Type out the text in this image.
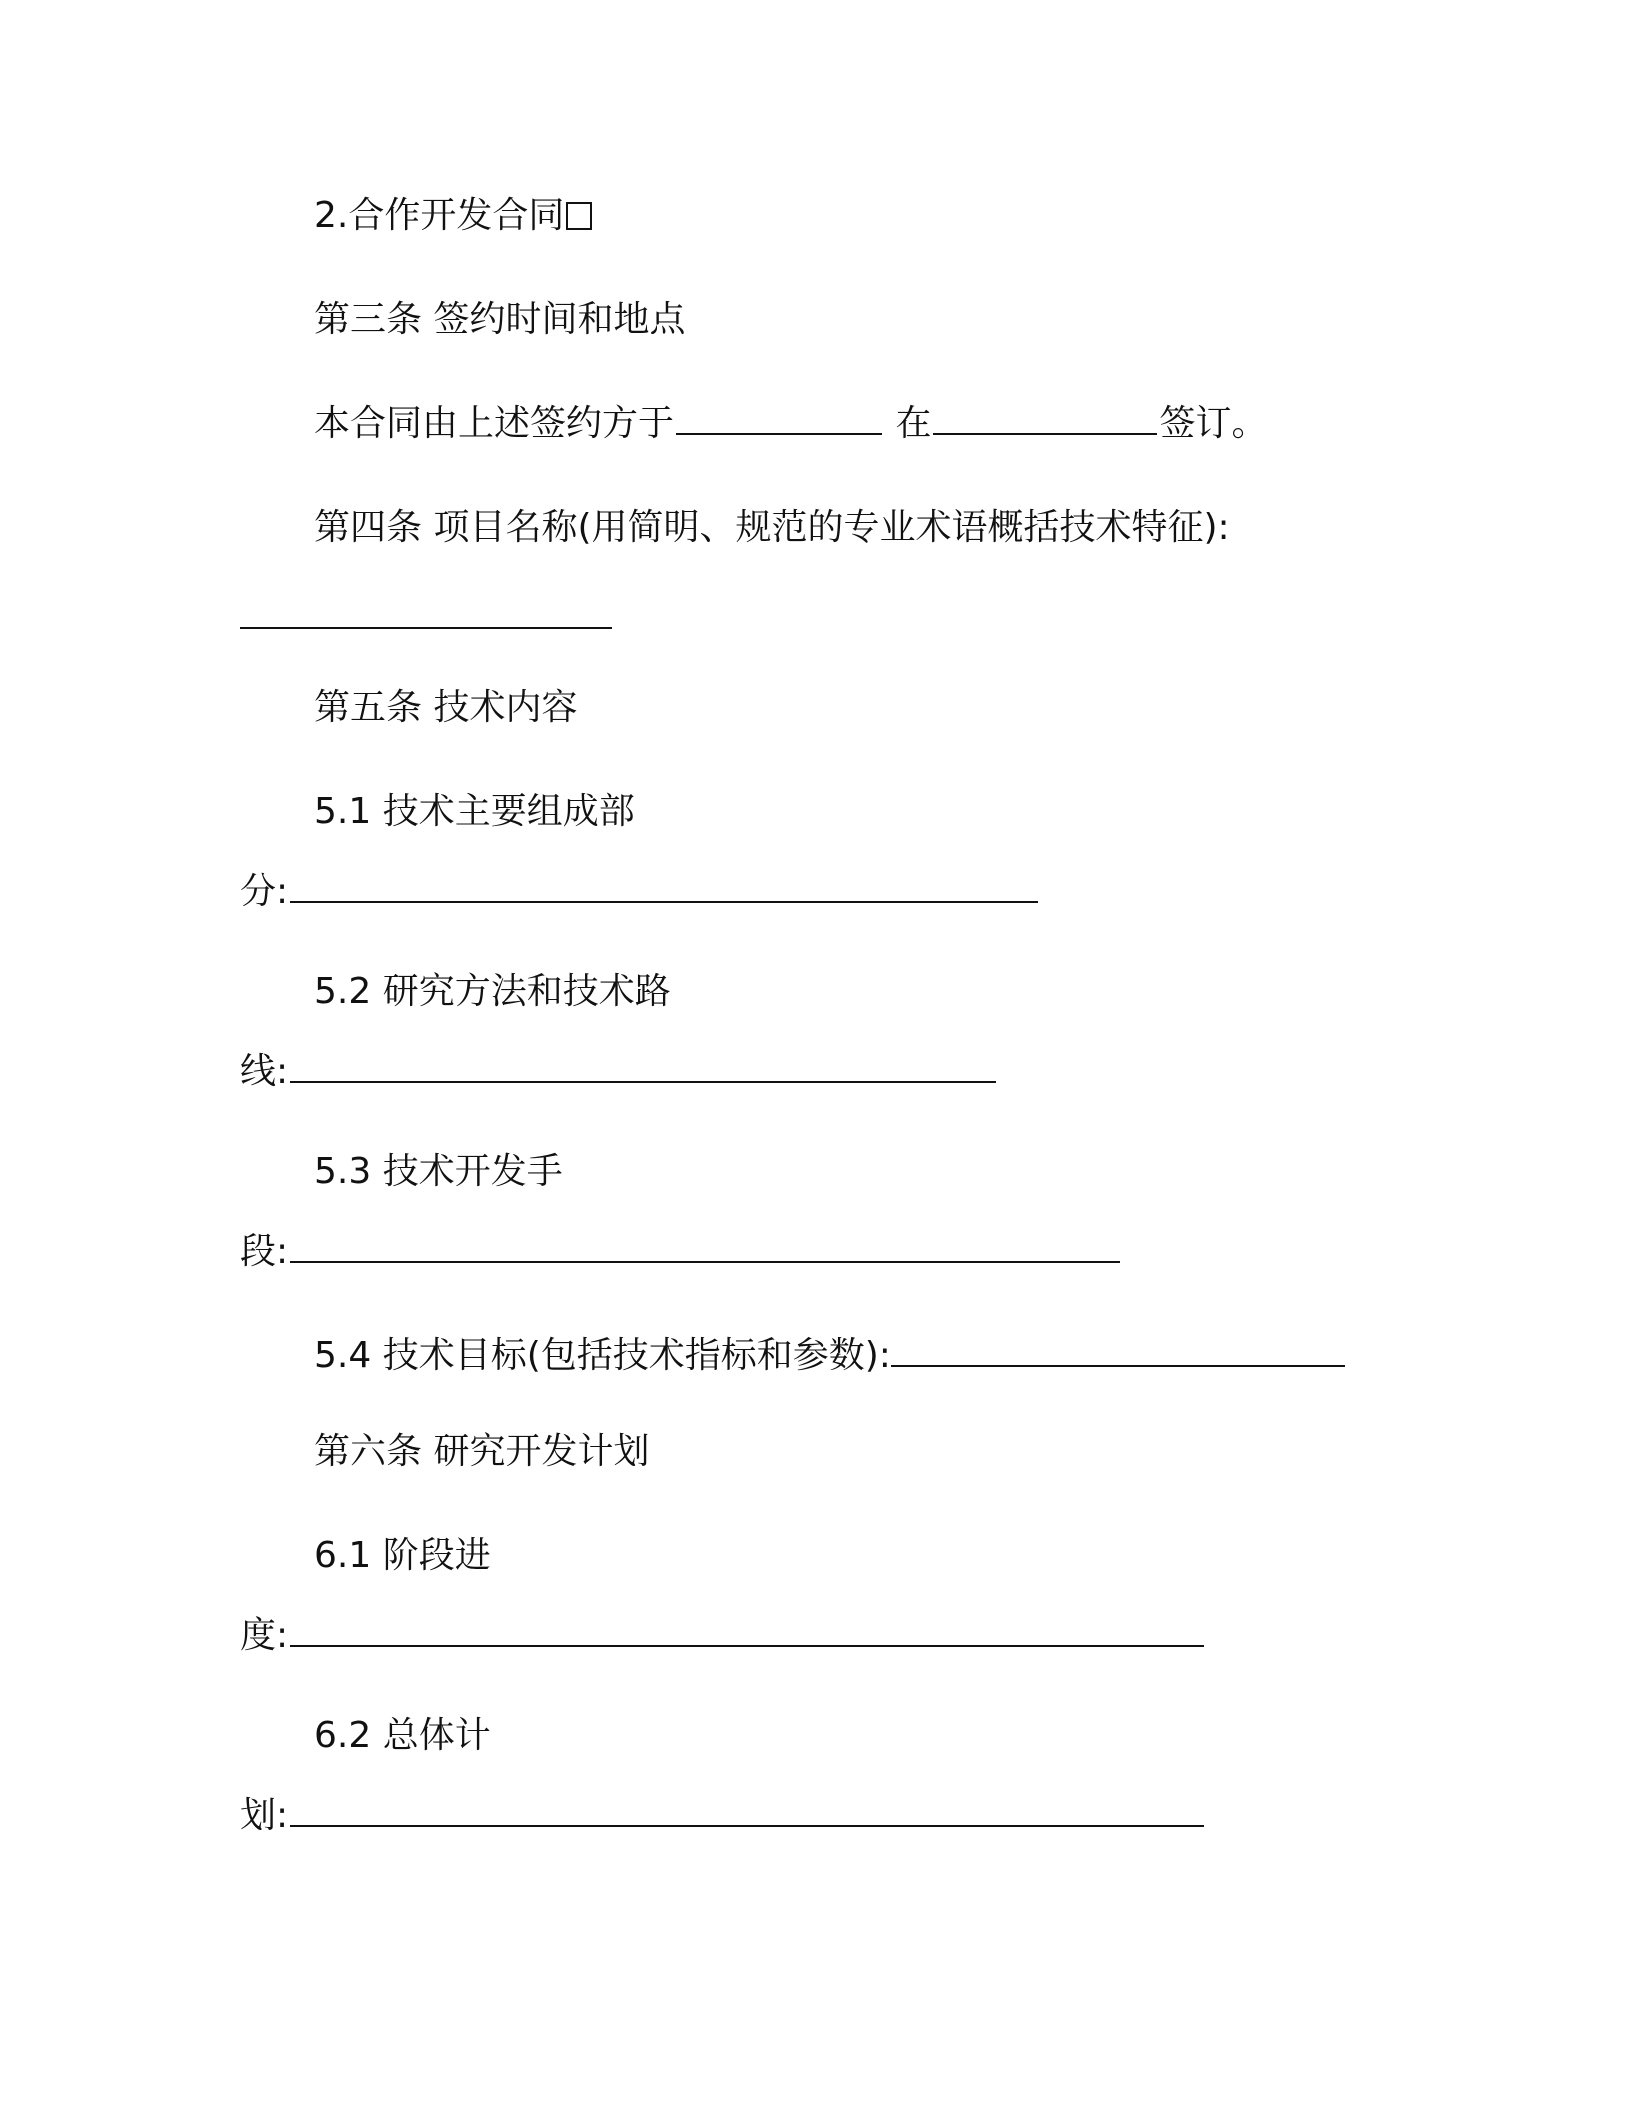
2.合作开发合同
第三条 签约时间和地点
本合同由上述签约方于	在	签订。
第四条 项目名称(用简明、规范的专业术语概括技术特征):
第五条 技术内容
5.1 技术主要组成部
分:
5.2 研究方法和技术路
线:
5.3 技术开发手
段:
5.4 技术目标(包括技术指标和参数):
第六条 研究开发计划
6.1 阶段进
度:
6.2 总体计
划:
